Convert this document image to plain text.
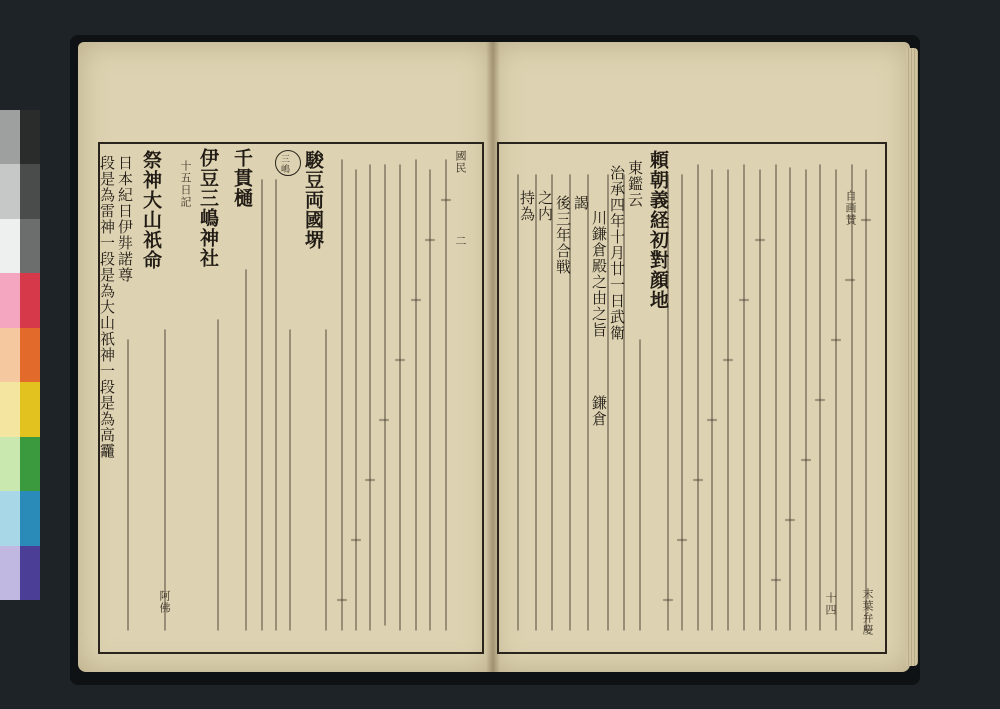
國民
二
駿豆両國堺
千貫樋
伊豆三嶋神社
十五日記
祭神大山祇命
日本紀日伊弉諾尊
段是為雷神一段是為大山祇神一段是為高龗	三嶋
阿佛
頼朝義経初對顔地
東鑑云
治承四年十月廿一日武衛
川鎌倉殿之由之旨
謁
後三年合戦
之内
持為	自画賛
鎌倉
末葉弁慶
十四
